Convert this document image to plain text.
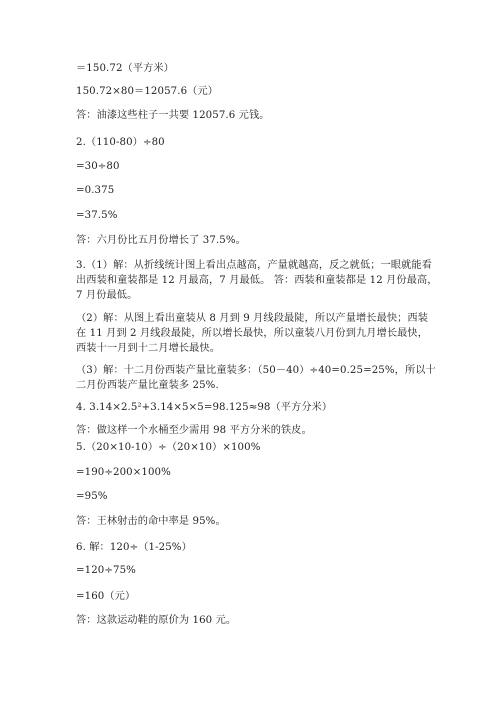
＝150.72（平方米）
150.72×80＝12057.6（元）
答：油漆这些柱子一共要 12057.6 元钱。
2.（110-80）÷80
=30÷80
=0.375
=37.5%
答：六月份比五月份增长了 37.5%。
3.（1）解：从折线统计图上看出点越高，产量就越高，反之就低；一眼就能看出西装和童装都是 12 月最高，7 月最低。 答：西装和童装都是 12 月份最高，7 月份最低。
（2）解：从图上看出童装从 8 月到 9 月线段最陡，所以产量增长最快；西装在 11 月到 2 月线段最陡，所以增长最快，所以童装八月份到九月增长最快，西装十一月到十二月增长最快。
（3）解：十二月份西装产量比童装多：（50－40）÷40=0.25=25%，所以十二月份西装产量比童装多 25%.
4. 3.14×2.5²+3.14×5×5=98.125≈98（平方分米）
答：做这样一个水桶至少需用 98 平方分米的铁皮。
5.（20×10-10）÷（20×10）×100%
=190÷200×100%
=95%
答：王林射击的命中率是 95%。
6. 解：120÷（1-25%）
=120÷75%
=160（元）
答：这款运动鞋的原价为 160 元。
